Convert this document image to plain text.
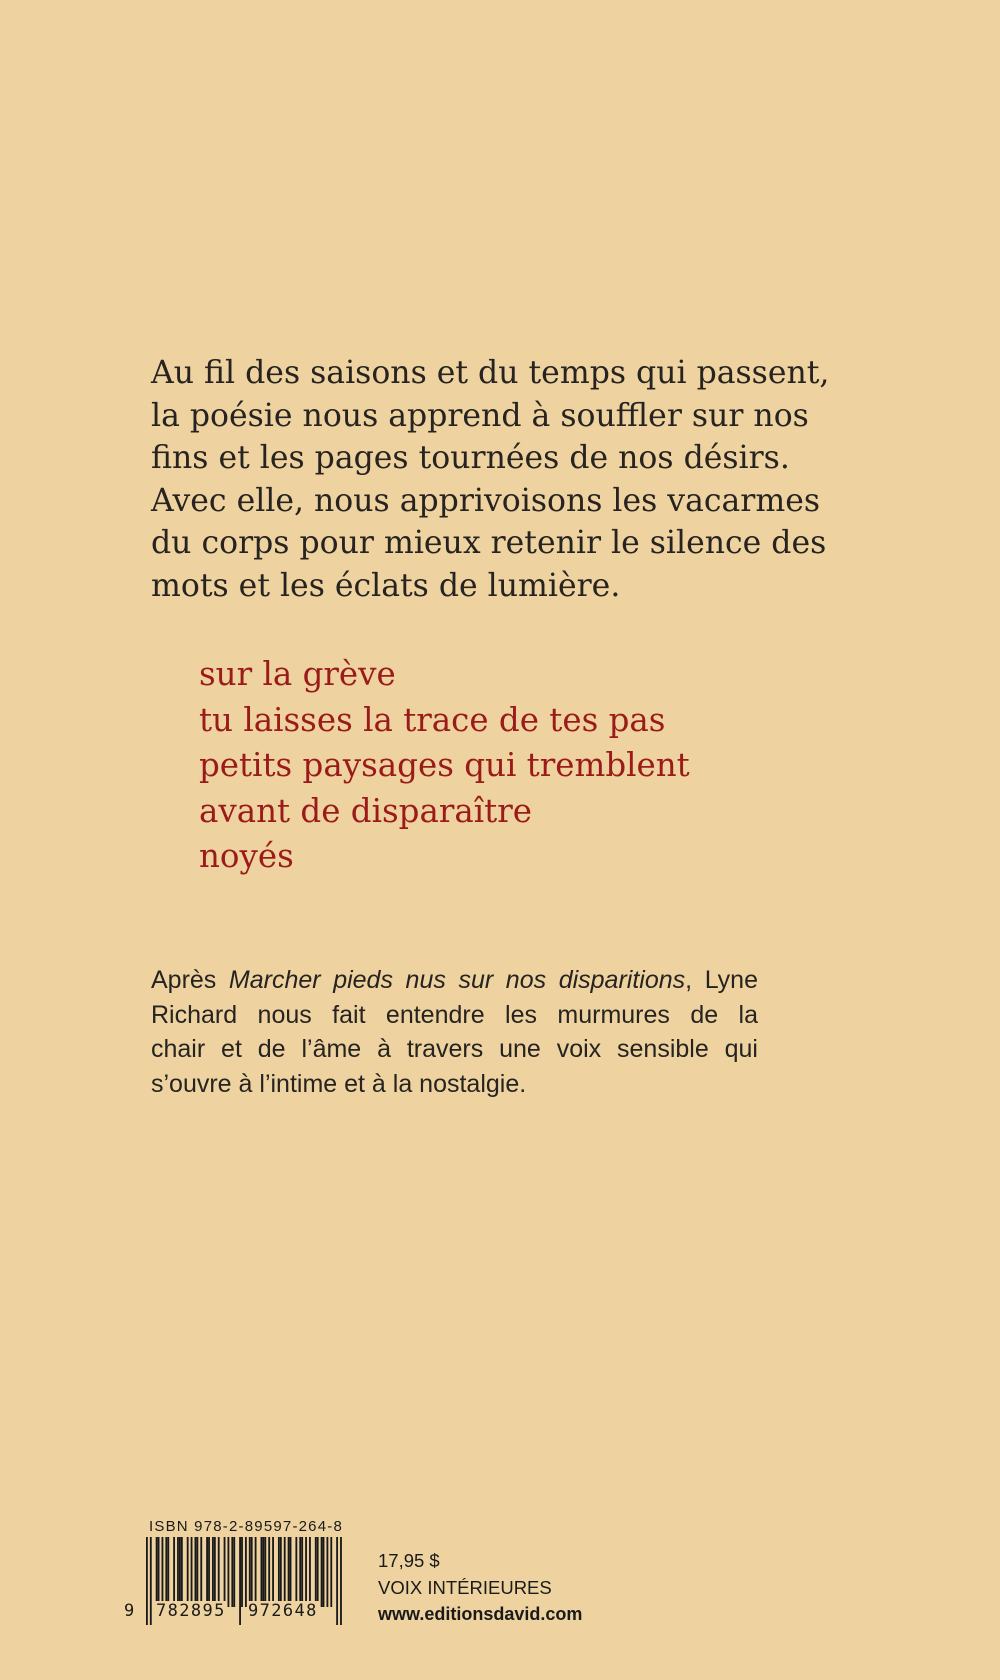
Au fil des saisons et du temps qui passent,
la poésie nous apprend à souffler sur nos
fins et les pages tournées de nos désirs.
Avec elle, nous apprivoisons les vacarmes
du corps pour mieux retenir le silence des
mots et les éclats de lumière.
sur la grève
tu laisses la trace de tes pas
petits paysages qui tremblent
avant de disparaître
noyés
Après Marcher pieds nus sur nos disparitions, Lyne
Richard nous fait entendre les murmures de la
chair et de l’âme à travers une voix sensible qui
s’ouvre à l’intime et à la nostalgie.
ISBN 978-2-89597-264-8
9 782895 972648
17,95 $
VOIX INTÉRIEURES
www.editionsdavid.com
